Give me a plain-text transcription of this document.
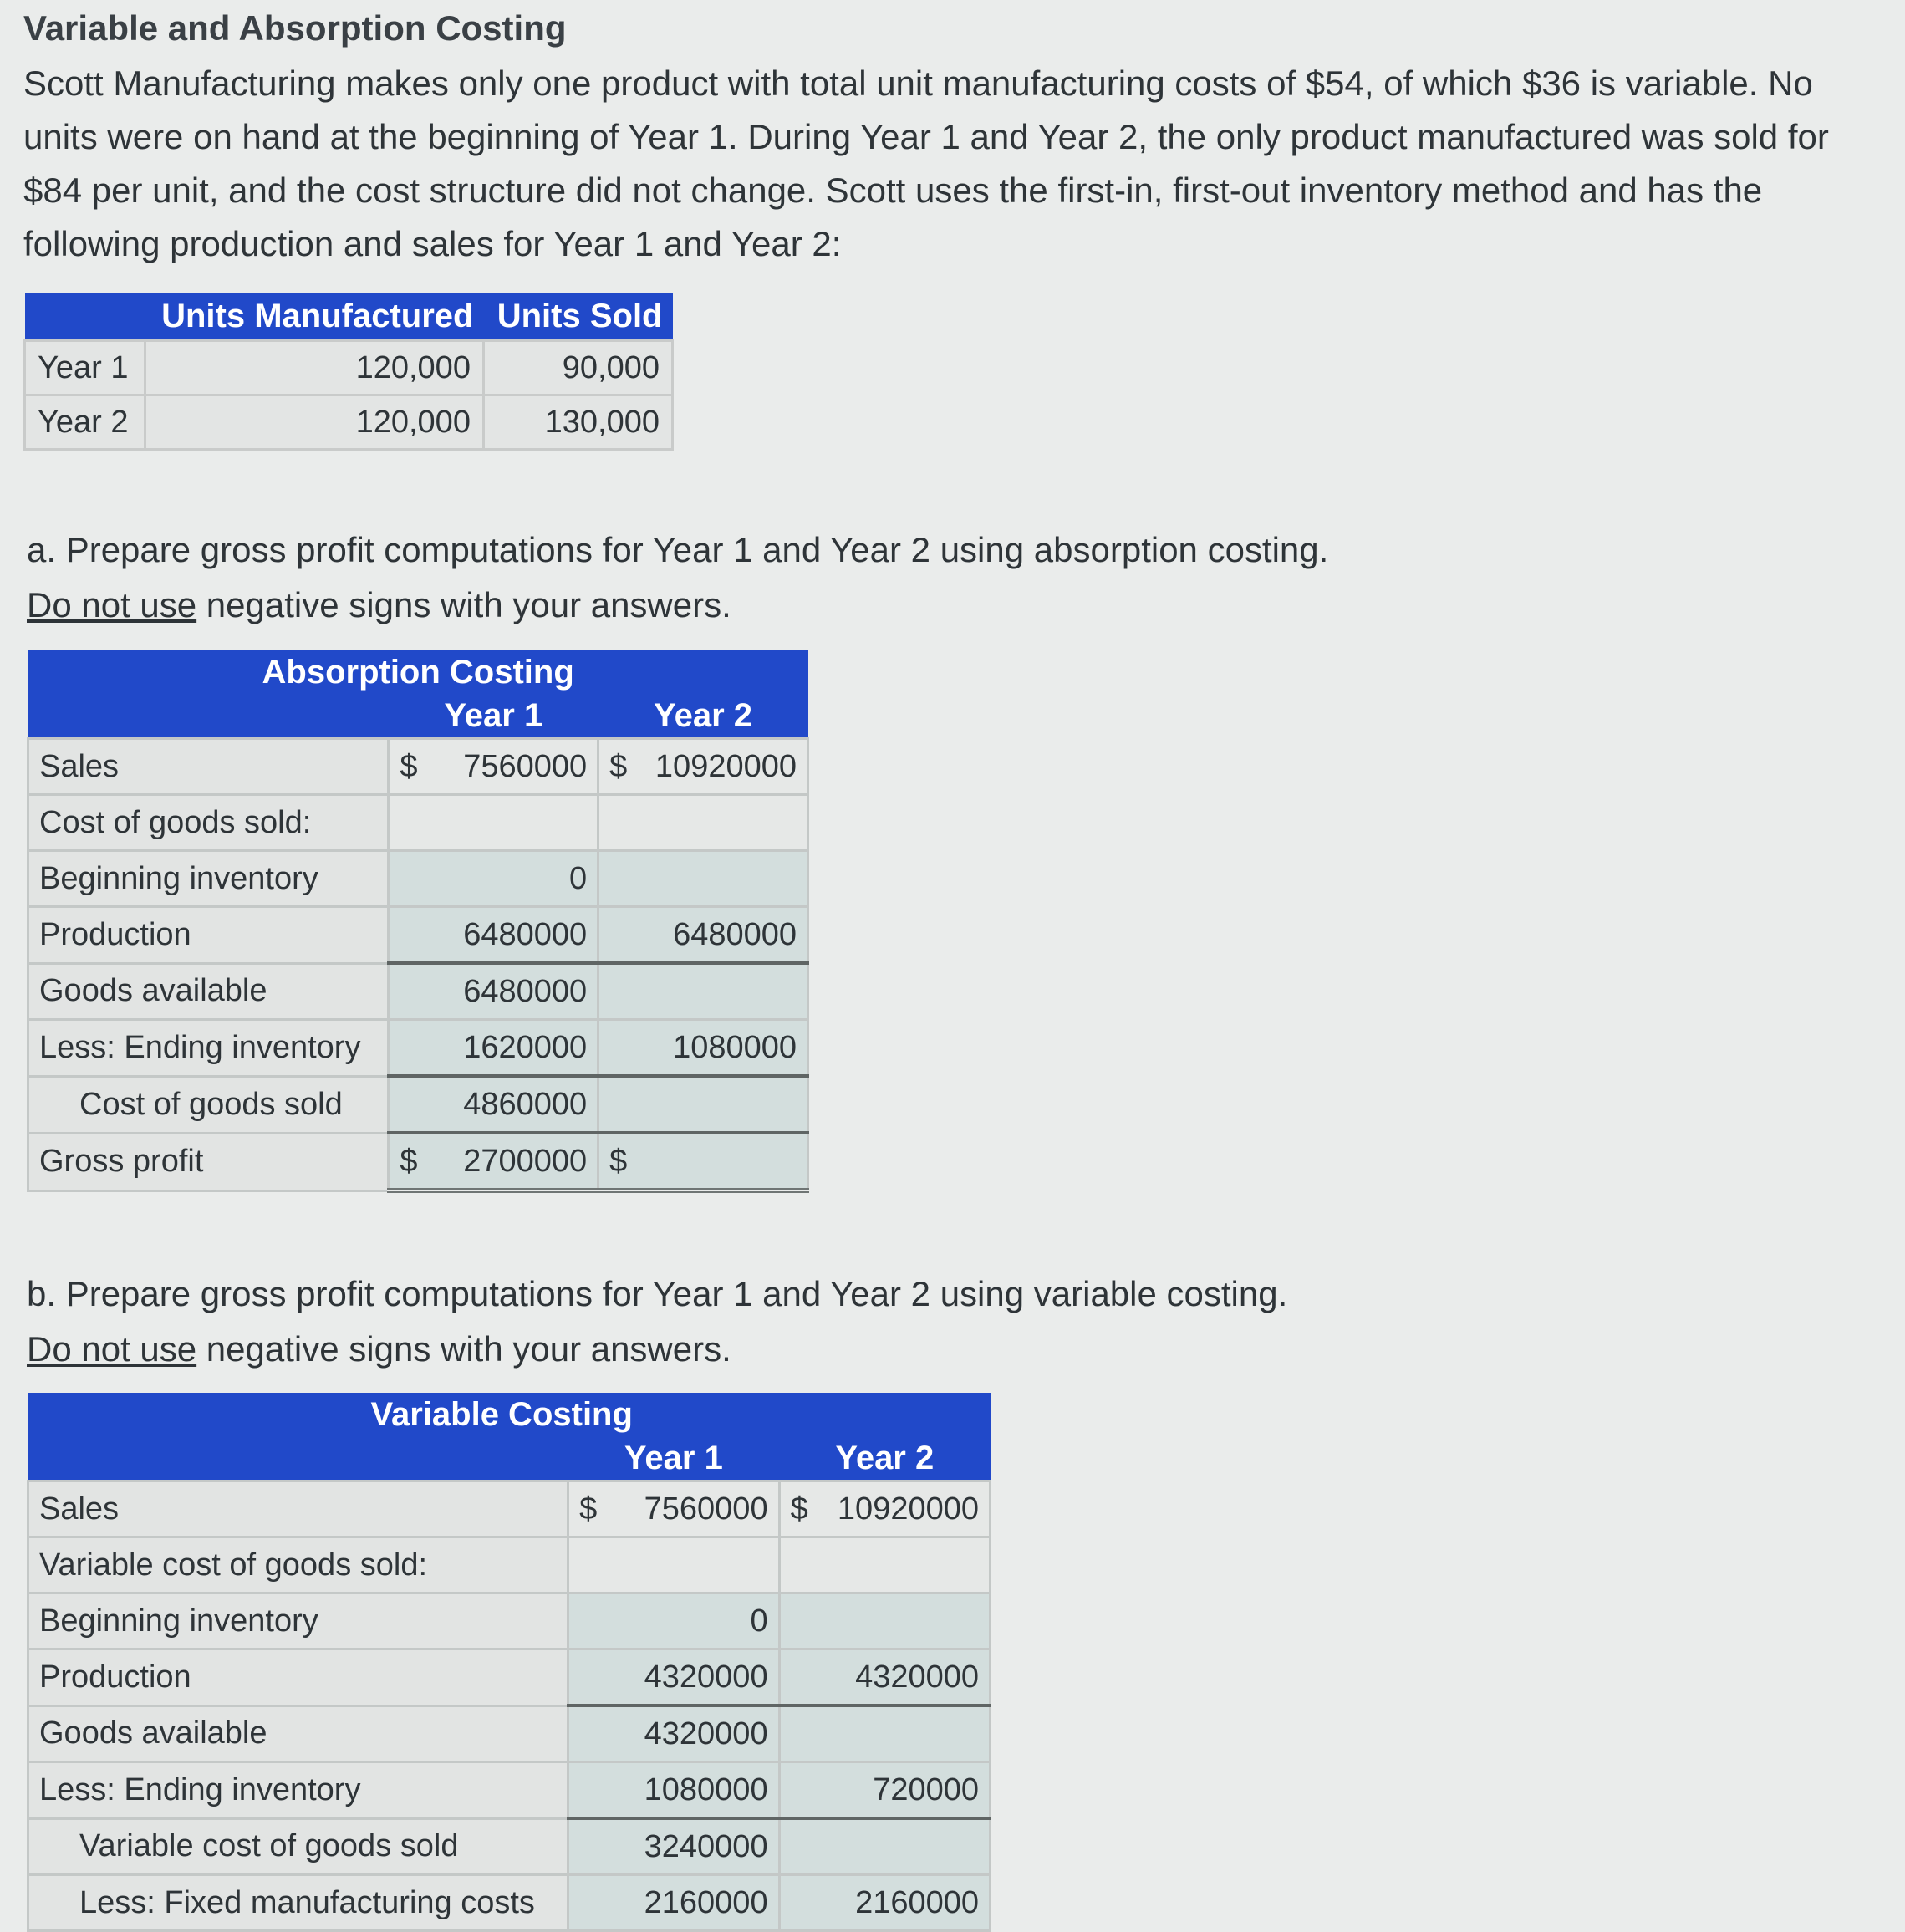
Variable and Absorption Costing

Scott Manufacturing makes only one product with total unit manufacturing costs of $54, of which $36 is variable. No units were on hand at the beginning of Year 1. During Year 1 and Year 2, the only product manufactured was sold for $84 per unit, and the cost structure did not change. Scott uses the first-in, first-out inventory method and has the following production and sales for Year 1 and Year 2:

	Units Manufactured	Units Sold
Year 1	120,000	90,000
Year 2	120,000	130,000
a. Prepare gross profit computations for Year 1 and Year 2 using absorption costing.
Do not use negative signs with your answers.
Absorption Costing		
	Year 1	Year 2
Sales	$ 7560000	$ 10920000
Cost of goods sold:		
Beginning inventory	0	
Production	6480000	6480000
Goods available	6480000	
Less: Ending inventory	1620000	1080000
Cost of goods sold	4860000	
Gross profit	$ 2700000	$
b. Prepare gross profit computations for Year 1 and Year 2 using variable costing.
Do not use negative signs with your answers.
Variable Costing		
	Year 1	Year 2
Sales	$ 7560000	$ 10920000
Variable cost of goods sold:		
Beginning inventory	0	
Production	4320000	4320000
Goods available	4320000	
Less: Ending inventory	1080000	720000
Variable cost of goods sold	3240000	
Less: Fixed manufacturing costs	2160000	2160000
